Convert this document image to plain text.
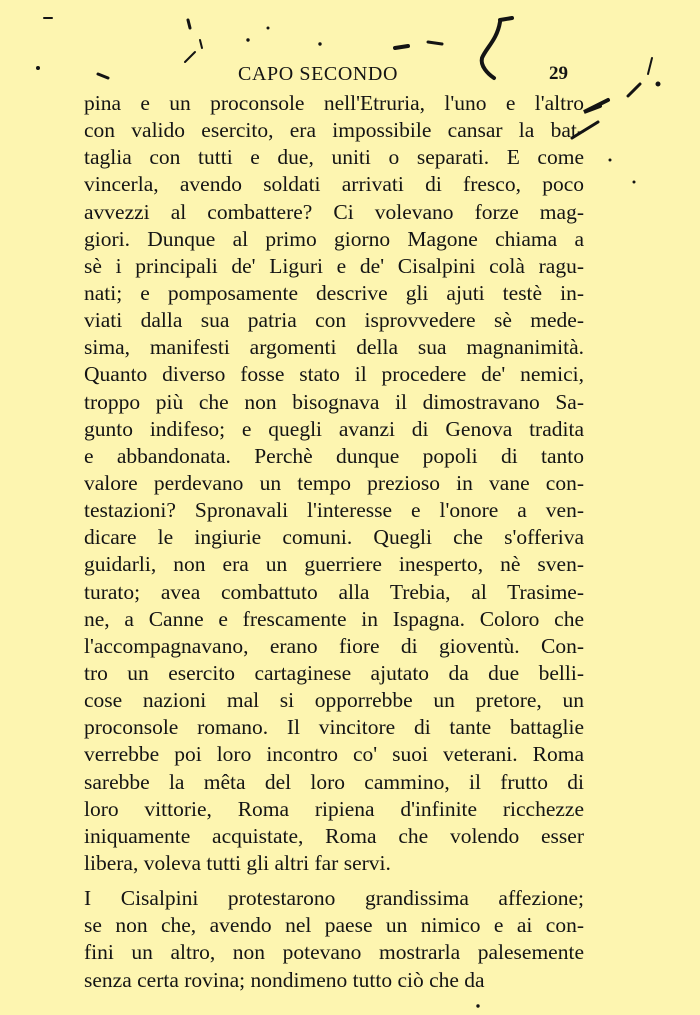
CAPO SECONDO	29
pina e un proconsole nell'Etruria, l'uno e l'altro
con valido esercito, era impossibile cansar la bat-
taglia con tutti e due, uniti o separati. E come
vincerla, avendo soldati arrivati di fresco, poco
avvezzi al combattere? Ci volevano forze mag-
giori. Dunque al primo giorno Magone chiama a
sè i principali de' Liguri e de' Cisalpini colà ragu-
nati; e pomposamente descrive gli ajuti testè in-
viati dalla sua patria con isprovvedere sè mede-
sima, manifesti argomenti della sua magnanimità.
Quanto diverso fosse stato il procedere de' nemici,
troppo più che non bisognava il dimostravano Sa-
gunto indifeso; e quegli avanzi di Genova tradita
e abbandonata. Perchè dunque popoli di tanto
valore perdevano un tempo prezioso in vane con-
testazioni? Spronavali l'interesse e l'onore a ven-
dicare le ingiurie comuni. Quegli che s'offeriva
guidarli, non era un guerriere inesperto, nè sven-
turato; avea combattuto alla Trebia, al Trasime-
ne, a Canne e frescamente in Ispagna. Coloro che
l'accompagnavano, erano fiore di gioventù. Con-
tro un esercito cartaginese ajutato da due belli-
cose nazioni mal si opporrebbe un pretore, un
proconsole romano. Il vincitore di tante battaglie
verrebbe poi loro incontro co' suoi veterani. Roma
sarebbe la mêta del loro cammino, il frutto di
loro vittorie, Roma ripiena d'infinite ricchezze
iniquamente acquistate, Roma che volendo esser
libera, voleva tutti gli altri far servi.
I Cisalpini protestarono grandissima affezione;
se non che, avendo nel paese un nimico e ai con-
fini un altro, non potevano mostrarla palesemente
senza certa rovina; nondimeno tutto ciò che da
